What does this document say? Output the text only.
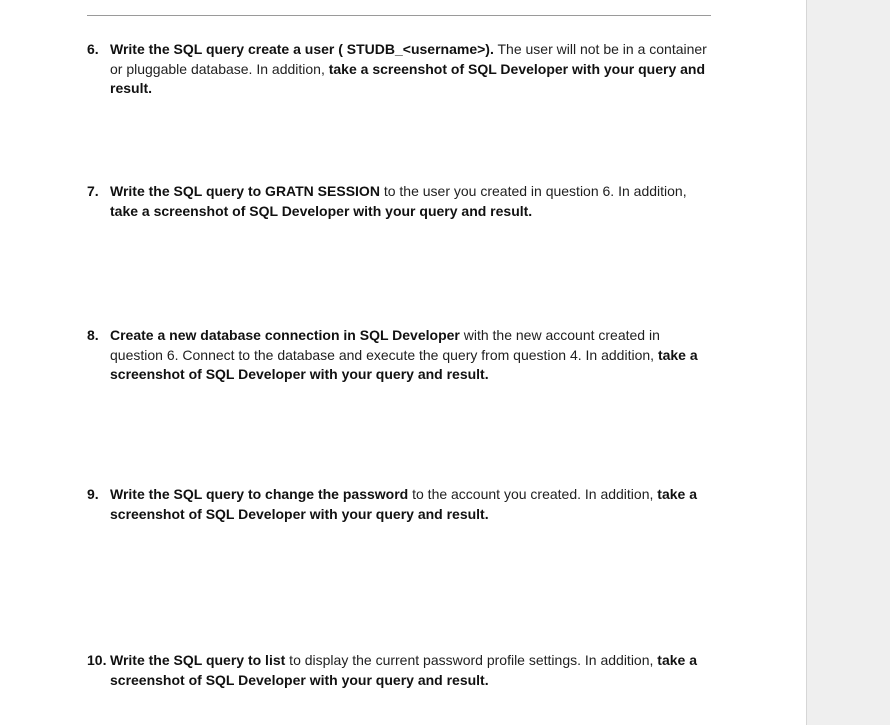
6. Write the SQL query create a user ( STUDB_<username>). The user will not be in a container or pluggable database. In addition, take a screenshot of SQL Developer with your query and result.
7. Write the SQL query to GRATN SESSION to the user you created in question 6. In addition, take a screenshot of SQL Developer with your query and result.
8. Create a new database connection in SQL Developer with the new account created in question 6. Connect to the database and execute the query from question 4. In addition, take a screenshot of SQL Developer with your query and result.
9. Write the SQL query to change the password to the account you created. In addition, take a screenshot of SQL Developer with your query and result.
10. Write the SQL query to list to display the current password profile settings. In addition, take a screenshot of SQL Developer with your query and result.
